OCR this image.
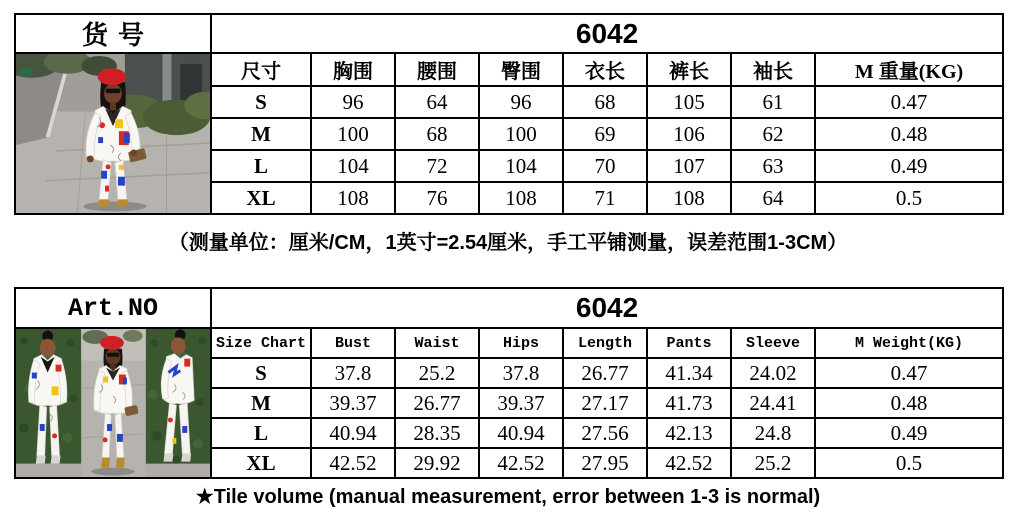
货号	6042							

	尺寸	胸围	腰围	臀围	衣长	裤长	袖长	M 重量(KG)
	S	96	64	96	68	105	61	0.47
	M	100	68	100	69	106	62	0.48
	L	104	72	104	70	107	63	0.49
	XL	108	76	108	71	108	64	0.5
（测量单位：厘米/CM，1英寸=2.54厘米，手工平铺测量，误差范围1-3CM）
Art.NO	6042							

	Size Chart	Bust	Waist	Hips	Length	Pants	Sleeve	M Weight(KG)
	S	37.8	25.2	37.8	26.77	41.34	24.02	0.47
	M	39.37	26.77	39.37	27.17	41.73	24.41	0.48
	L	40.94	28.35	40.94	27.56	42.13	24.8	0.49
	XL	42.52	29.92	42.52	27.95	42.52	25.2	0.5
★Tile volume (manual measurement, error between 1-3 is normal)
